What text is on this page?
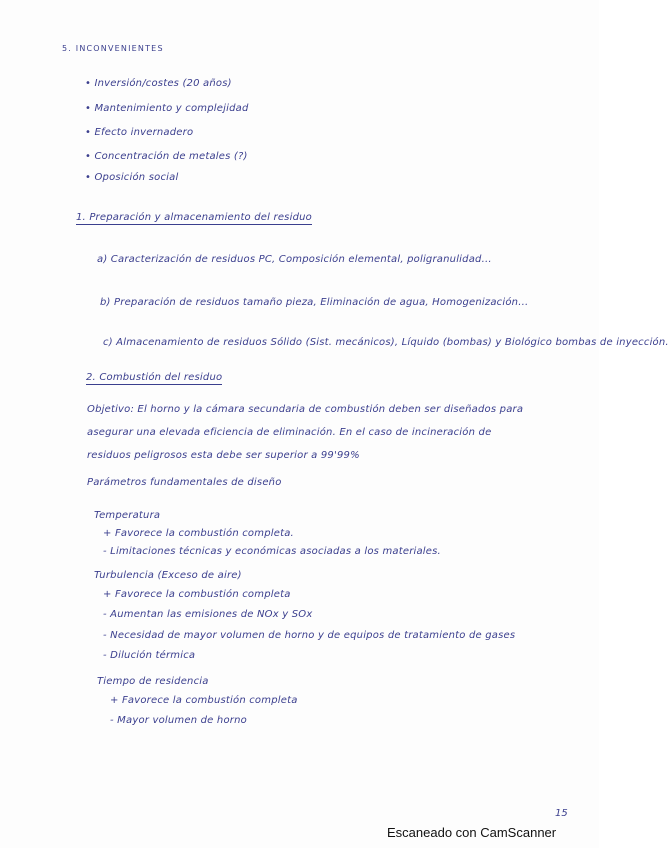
5. INCONVENIENTES
• Inversión/costes (20 años)
• Mantenimiento y complejidad
• Efecto invernadero
• Concentración de metales (?)
• Oposición social
1. Preparación y almacenamiento del residuo
a) Caracterización de residuos PC, Composición elemental, poligranulidad...
b) Preparación de residuos tamaño pieza, Eliminación de agua, Homogenización...
c) Almacenamiento de residuos Sólido (Sist. mecánicos), Líquido (bombas) y Biológico bombas de inyección.
2. Combustión del residuo
Objetivo: El horno y la cámara secundaria de combustión deben ser diseñados para
asegurar una elevada eficiencia de eliminación. En el caso de incineración de
residuos peligrosos esta debe ser superior a 99'99%
Parámetros fundamentales de diseño
Temperatura
+ Favorece la combustión completa.
- Limitaciones técnicas y económicas asociadas a los materiales.
Turbulencia (Exceso de aire)
+ Favorece la combustión completa
- Aumentan las emisiones de NOx y SOx
- Necesidad de mayor volumen de horno y de equipos de tratamiento de gases
- Dilución térmica
Tiempo de residencia
+ Favorece la combustión completa
- Mayor volumen de horno
15
Escaneado con CamScanner
